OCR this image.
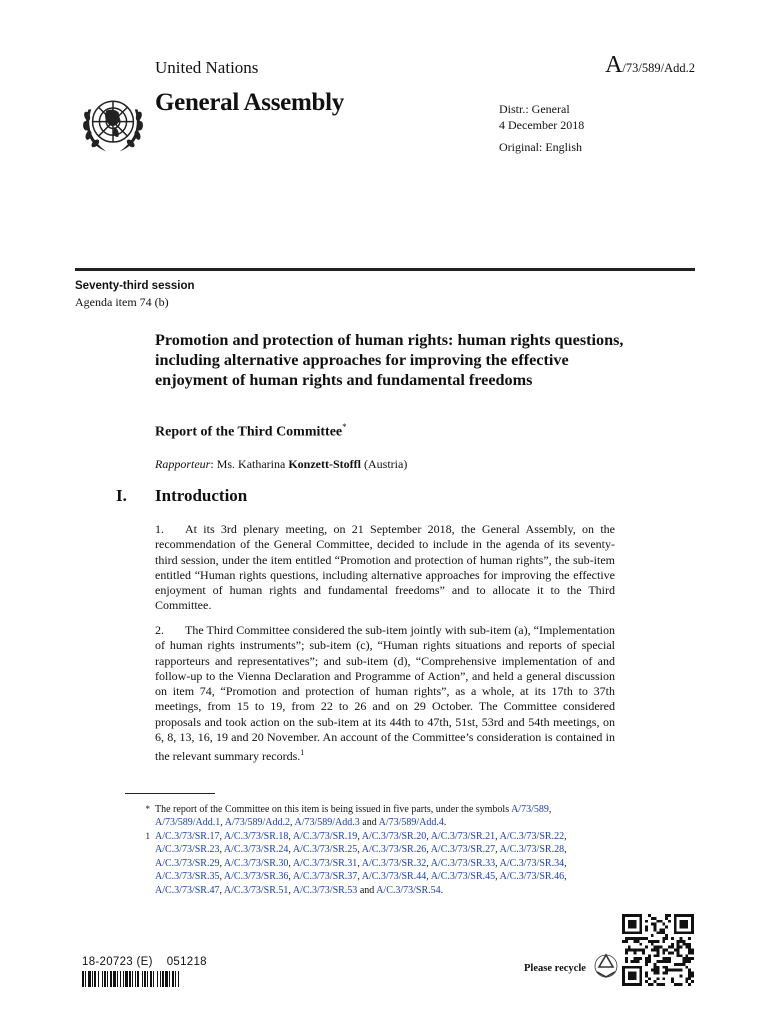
United Nations	A/73/589/Add.2
General Assembly	Distr.: General
4 December 2018
Original: English
Seventy-third session
Agenda item 74 (b)
Promotion and protection of human rights: human rights questions, including alternative approaches for improving the effective enjoyment of human rights and fundamental freedoms
Report of the Third Committee*
Rapporteur: Ms. Katharina Konzett-Stoffl (Austria)
I. Introduction
1. At its 3rd plenary meeting, on 21 September 2018, the General Assembly, on the recommendation of the General Committee, decided to include in the agenda of its seventy-third session, under the item entitled “Promotion and protection of human rights”, the sub-item entitled “Human rights questions, including alternative approaches for improving the effective enjoyment of human rights and fundamental freedoms” and to allocate it to the Third Committee.
2. The Third Committee considered the sub-item jointly with sub-item (a), “Implementation of human rights instruments”; sub-item (c), “Human rights situations and reports of special rapporteurs and representatives”; and sub-item (d), “Comprehensive implementation of and follow-up to the Vienna Declaration and Programme of Action”, and held a general discussion on item 74, “Promotion and protection of human rights”, as a whole, at its 17th to 37th meetings, from 15 to 19, from 22 to 26 and on 29 October. The Committee considered proposals and took action on the sub-item at its 44th to 47th, 51st, 53rd and 54th meetings, on 6, 8, 13, 16, 19 and 20 November. An account of the Committee’s consideration is contained in the relevant summary records.$^1$
* The report of the Committee on this item is being issued in five parts, under the symbols A/73/589, A/73/589/Add.1, A/73/589/Add.2, A/73/589/Add.3 and A/73/589/Add.4.
1 A/C.3/73/SR.17, A/C.3/73/SR.18, A/C.3/73/SR.19, A/C.3/73/SR.20, A/C.3/73/SR.21, A/C.3/73/SR.22, A/C.3/73/SR.23, A/C.3/73/SR.24, A/C.3/73/SR.25, A/C.3/73/SR.26, A/C.3/73/SR.27, A/C.3/73/SR.28, A/C.3/73/SR.29, A/C.3/73/SR.30, A/C.3/73/SR.31, A/C.3/73/SR.32, A/C.3/73/SR.33, A/C.3/73/SR.34, A/C.3/73/SR.35, A/C.3/73/SR.36, A/C.3/73/SR.37, A/C.3/73/SR.44, A/C.3/73/SR.45, A/C.3/73/SR.46, A/C.3/73/SR.47, A/C.3/73/SR.51, A/C.3/73/SR.53 and A/C.3/73/SR.54.
18-20723 (E)    051218
Please recycle
